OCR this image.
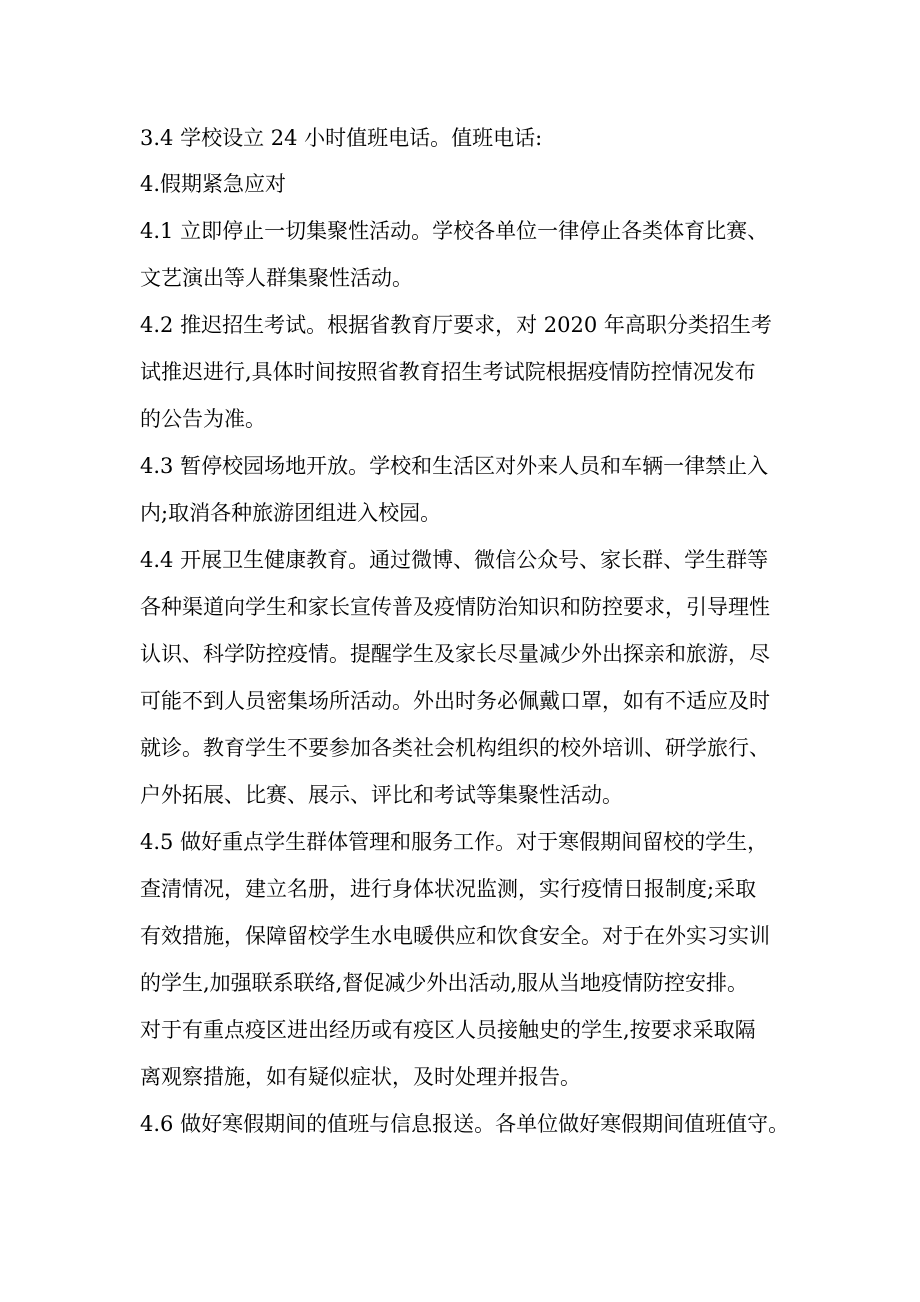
3.4 学校设立 24 小时值班电话。值班电话:
4.假期紧急应对
4.1 立即停止一切集聚性活动。学校各单位一律停止各类体育比赛、
文艺演出等人群集聚性活动。
4.2 推迟招生考试。根据省教育厅要求，对 2020 年高职分类招生考
试推迟进行,具体时间按照省教育招生考试院根据疫情防控情况发布
的公告为准。
4.3 暂停校园场地开放。学校和生活区对外来人员和车辆一律禁止入
内;取消各种旅游团组进入校园。
4.4 开展卫生健康教育。通过微博、微信公众号、家长群、学生群等
各种渠道向学生和家长宣传普及疫情防治知识和防控要求，引导理性
认识、科学防控疫情。提醒学生及家长尽量减少外出探亲和旅游，尽
可能不到人员密集场所活动。外出时务必佩戴口罩，如有不适应及时
就诊。教育学生不要参加各类社会机构组织的校外培训、研学旅行、
户外拓展、比赛、展示、评比和考试等集聚性活动。
4.5 做好重点学生群体管理和服务工作。对于寒假期间留校的学生，
查清情况，建立名册，进行身体状况监测，实行疫情日报制度;采取
有效措施，保障留校学生水电暖供应和饮食安全。对于在外实习实训
的学生,加强联系联络,督促减少外出活动,服从当地疫情防控安排。
对于有重点疫区进出经历或有疫区人员接触史的学生,按要求采取隔
离观察措施，如有疑似症状，及时处理并报告。
4.6 做好寒假期间的值班与信息报送。各单位做好寒假期间值班值守。
